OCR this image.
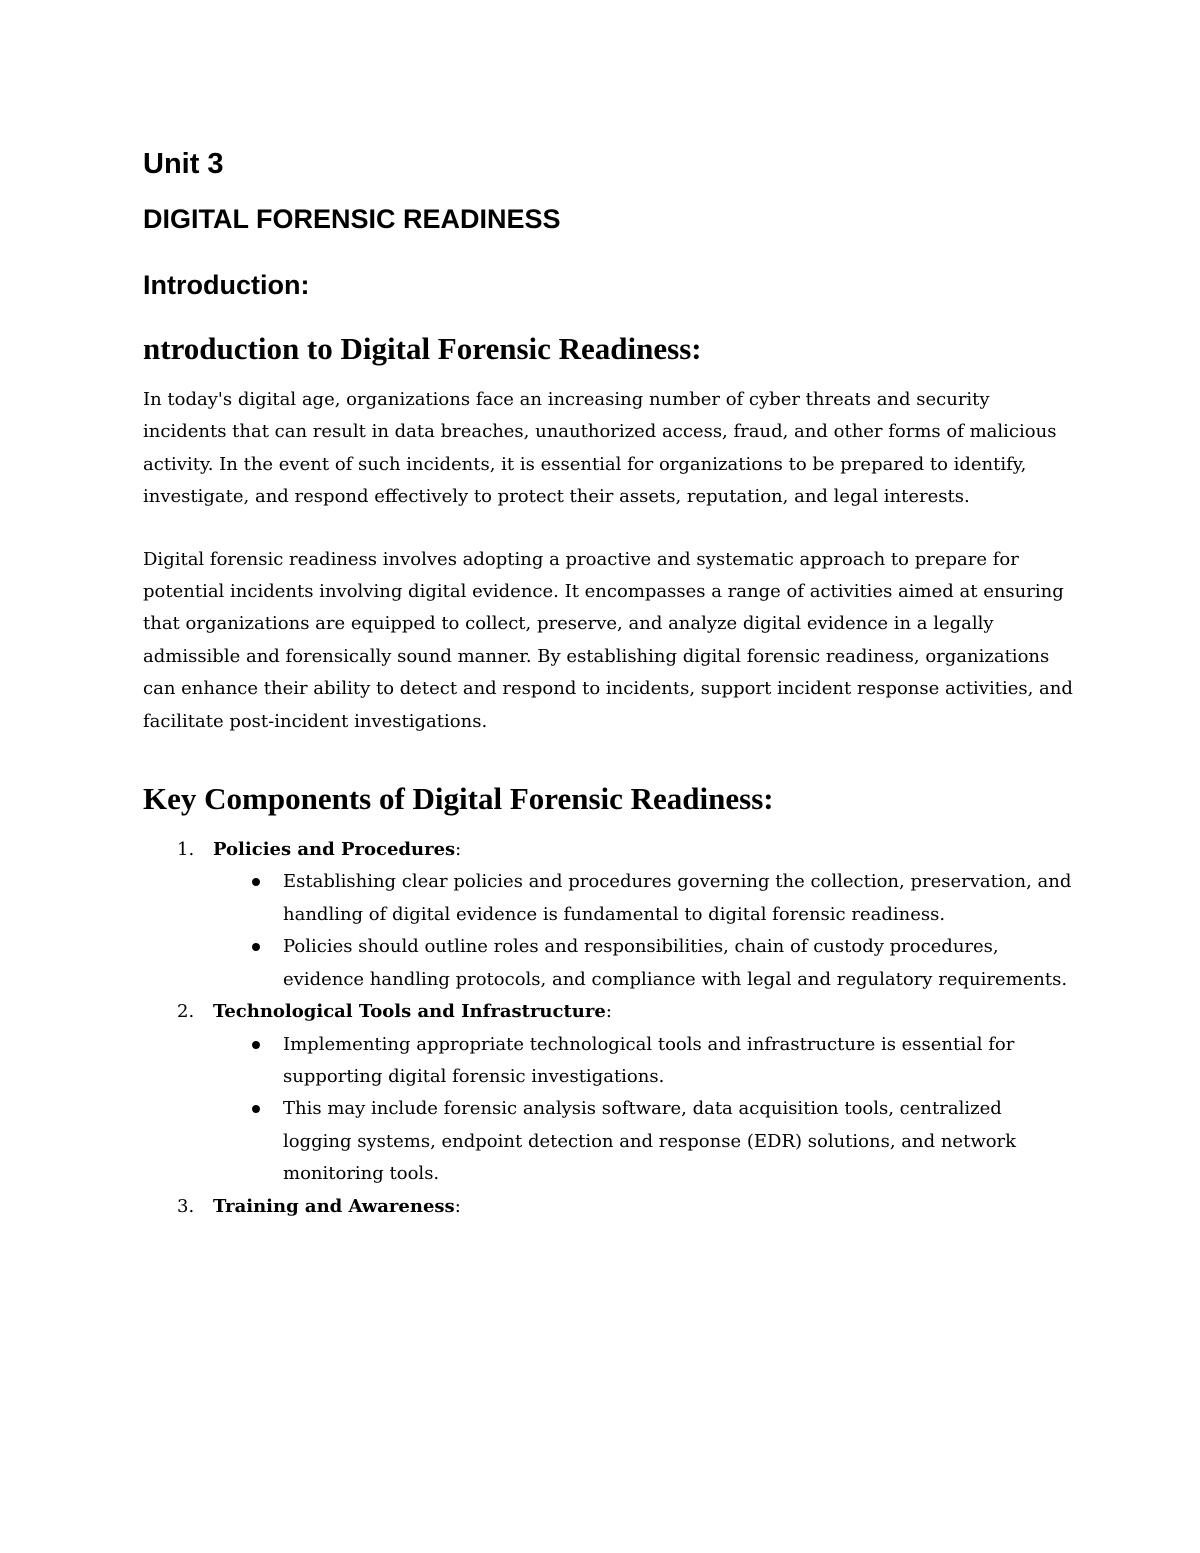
Unit 3
DIGITAL FORENSIC READINESS
Introduction:
ntroduction to Digital Forensic Readiness:

In today's digital age, organizations face an increasing number of cyber threats and security incidents that can result in data breaches, unauthorized access, fraud, and other forms of malicious activity. In the event of such incidents, it is essential for organizations to be prepared to identify, investigate, and respond effectively to protect their assets, reputation, and legal interests.

Digital forensic readiness involves adopting a proactive and systematic approach to prepare for potential incidents involving digital evidence. It encompasses a range of activities aimed at ensuring that organizations are equipped to collect, preserve, and analyze digital evidence in a legally admissible and forensically sound manner. By establishing digital forensic readiness, organizations can enhance their ability to detect and respond to incidents, support incident response activities, and facilitate post-incident investigations.

Key Components of Digital Forensic Readiness:
1. Policies and Procedures:
Establishing clear policies and procedures governing the collection, preservation, and handling of digital evidence is fundamental to digital forensic readiness.
Policies should outline roles and responsibilities, chain of custody procedures, evidence handling protocols, and compliance with legal and regulatory requirements.
2. Technological Tools and Infrastructure:
Implementing appropriate technological tools and infrastructure is essential for supporting digital forensic investigations.
This may include forensic analysis software, data acquisition tools, centralized logging systems, endpoint detection and response (EDR) solutions, and network monitoring tools.
3. Training and Awareness:
